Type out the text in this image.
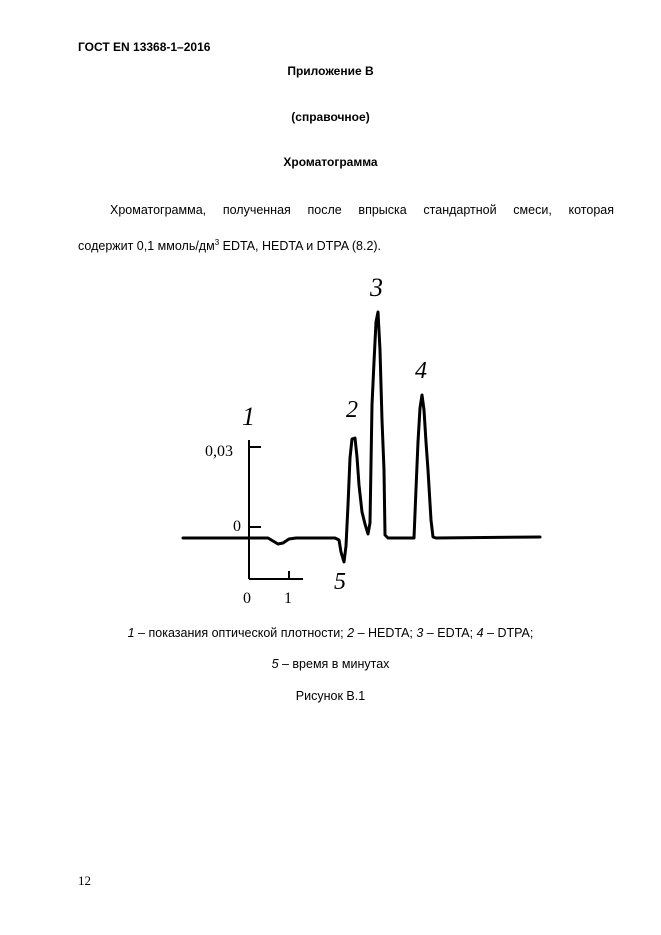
ГОСТ EN 13368-1–2016
Приложение В
(справочное)
Хроматограмма
Хроматограмма, полученная после впрыска стандартной смеси, которая
содержит 0,1 ммоль/$дм^3$ EDTA, HEDTA и DTPA (8.2).
0,03
0
0 1
1	2
3
4
5
1 – показания оптической плотности; 2 – HEDTA; 3 – EDTA; 4 – DTPA;
5 – время в минутах
Рисунок В.1
12
